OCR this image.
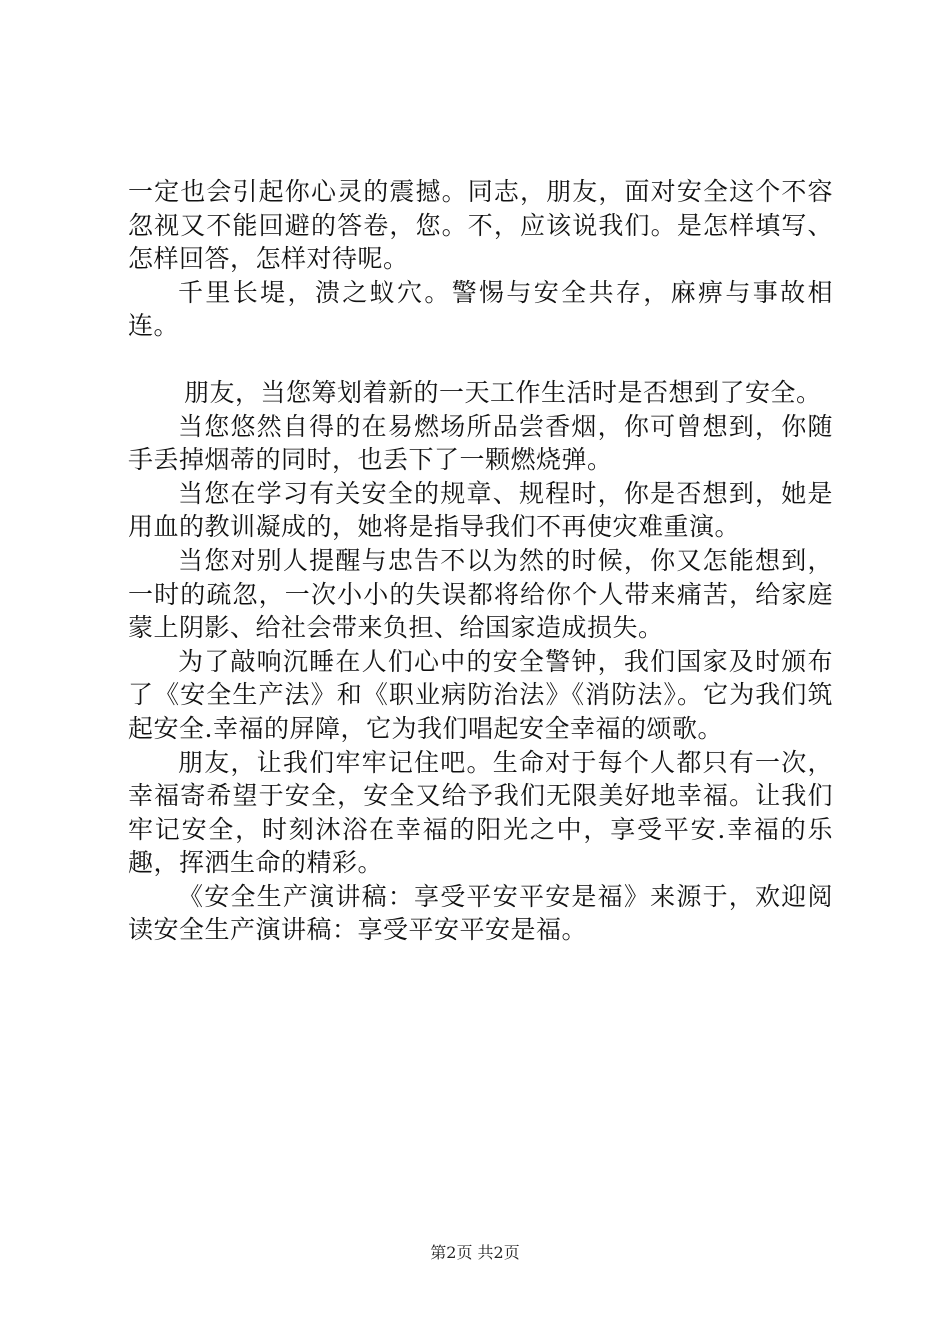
一定也会引起你心灵的震撼。同志，朋友，面对安全这个不容忽视又不能回避的答卷，您。不，应该说我们。是怎样填写、怎样回答，怎样对待呢。

千里长堤，溃之蚁穴。警惕与安全共存，麻痹与事故相连。

朋友，当您筹划着新的一天工作生活时是否想到了安全。

当您悠然自得的在易燃场所品尝香烟，你可曾想到，你随手丢掉烟蒂的同时，也丢下了一颗燃烧弹。

当您在学习有关安全的规章、规程时，你是否想到，她是用血的教训凝成的，她将是指导我们不再使灾难重演。

当您对别人提醒与忠告不以为然的时候，你又怎能想到，一时的疏忽，一次小小的失误都将给你个人带来痛苦，给家庭蒙上阴影、给社会带来负担、给国家造成损失。

为了敲响沉睡在人们心中的安全警钟，我们国家及时颁布了《安全生产法》和《职业病防治法》《消防法》。它为我们筑起安全.幸福的屏障，它为我们唱起安全幸福的颂歌。

朋友，让我们牢牢记住吧。生命对于每个人都只有一次，幸福寄希望于安全，安全又给予我们无限美好地幸福。让我们牢记安全，时刻沐浴在幸福的阳光之中，享受平安.幸福的乐趣，挥洒生命的精彩。

《安全生产演讲稿：享受平安平安是福》来源于，欢迎阅读安全生产演讲稿：享受平安平安是福。

第2页 共2页
